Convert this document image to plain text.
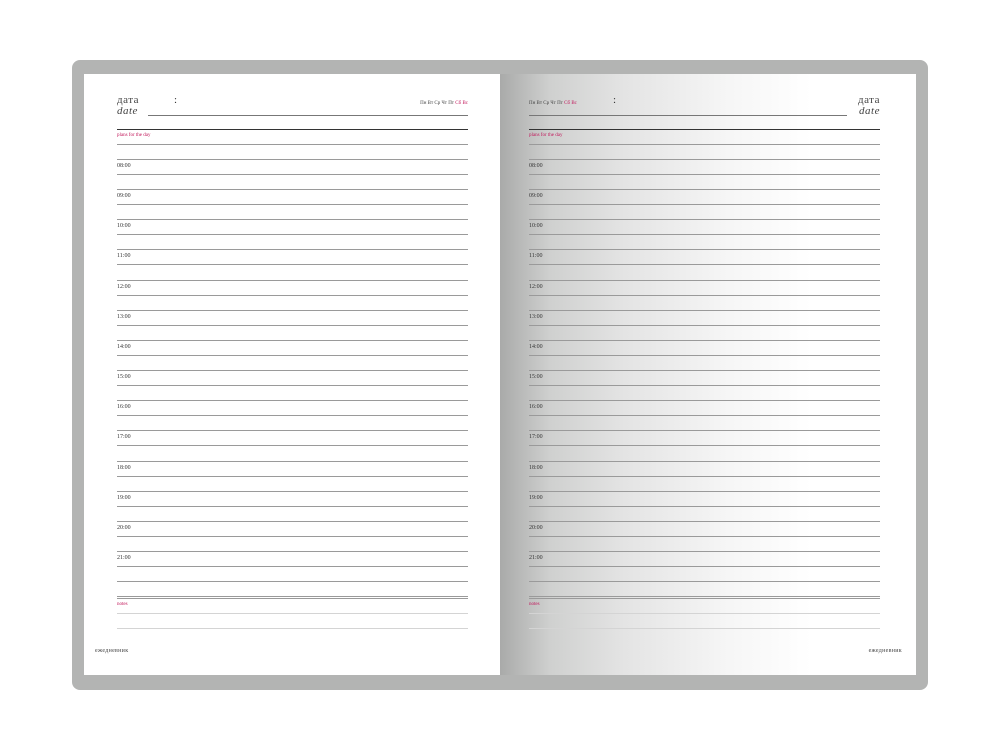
дата
date
:	Пн Вт Ср Чт Пт Сб Вс
plans for the day
notes
ежедневник
08:00
09:00
10:00
11:00
12:00
13:00
14:00
15:00
16:00
17:00
18:00
19:00
20:00
21:00
дата
date
:
Пн Вт Ср Чт Пт Сб Вс
plans for the day
notes
ежедневник
08:00
09:00
10:00
11:00
12:00
13:00
14:00
15:00
16:00
17:00
18:00
19:00
20:00
21:00
